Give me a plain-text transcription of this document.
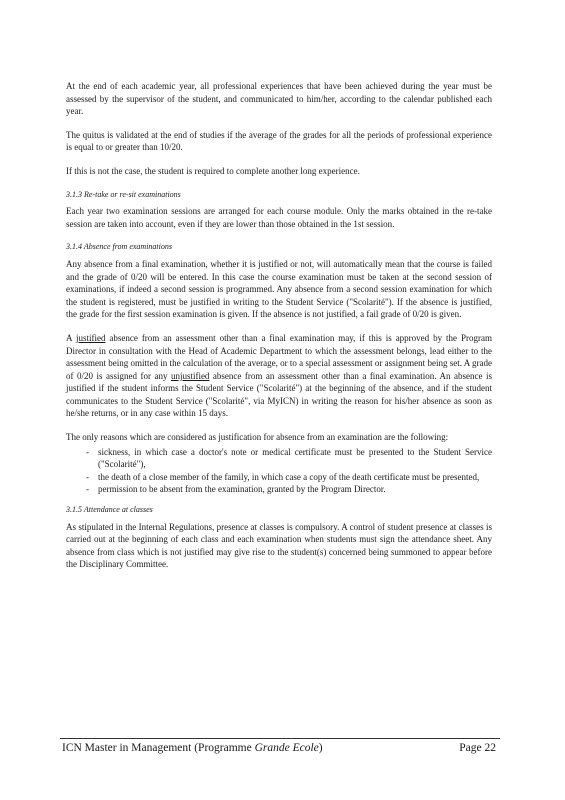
At the end of each academic year, all professional experiences that have been achieved during the year must be assessed by the supervisor of the student, and communicated to him/her, according to the calendar published each year.

The quitus is validated at the end of studies if the average of the grades for all the periods of professional experience is equal to or greater than 10/20.

If this is not the case, the student is required to complete another long experience.

3.1.3 Re-take or re-sit examinations

Each year two examination sessions are arranged for each course module. Only the marks obtained in the re-take session are taken into account, even if they are lower than those obtained in the 1st session.

3.1.4 Absence from examinations

Any absence from a final examination, whether it is justified or not, will automatically mean that the course is failed and the grade of 0/20 will be entered. In this case the course examination must be taken at the second session of examinations, if indeed a second session is programmed. Any absence from a second session examination for which the student is registered, must be justified in writing to the Student Service ("Scolarité"). If the absence is justified, the grade for the first session examination is given. If the absence is not justified, a fail grade of 0/20 is given.

A justified absence from an assessment other than a final examination may, if this is approved by the Program Director in consultation with the Head of Academic Department to which the assessment belongs, lead either to the assessment being omitted in the calculation of the average, or to a special assessment or assignment being set. A grade of 0/20 is assigned for any unjustified absence from an assessment other than a final examination. An absence is justified if the student informs the Student Service ("Scolarité") at the beginning of the absence, and if the student communicates to the Student Service ("Scolarité", via MyICN) in writing the reason for his/her absence as soon as he/she returns, or in any case within 15 days.

The only reasons which are considered as justification for absence from an examination are the following:

- sickness, in which case a doctor's note or medical certificate must be presented to the Student Service ("Scolarité"),
- the death of a close member of the family, in which case a copy of the death certificate must be presented,
- permission to be absent from the examination, granted by the Program Director.
3.1.5 Attendance at classes

As stipulated in the Internal Regulations, presence at classes is compulsory. A control of student presence at classes is carried out at the beginning of each class and each examination when students must sign the attendance sheet. Any absence from class which is not justified may give rise to the student(s) concerned being summoned to appear before the Disciplinary Committee.

ICN Master in Management (Programme Grande Ecole)	Page 22
